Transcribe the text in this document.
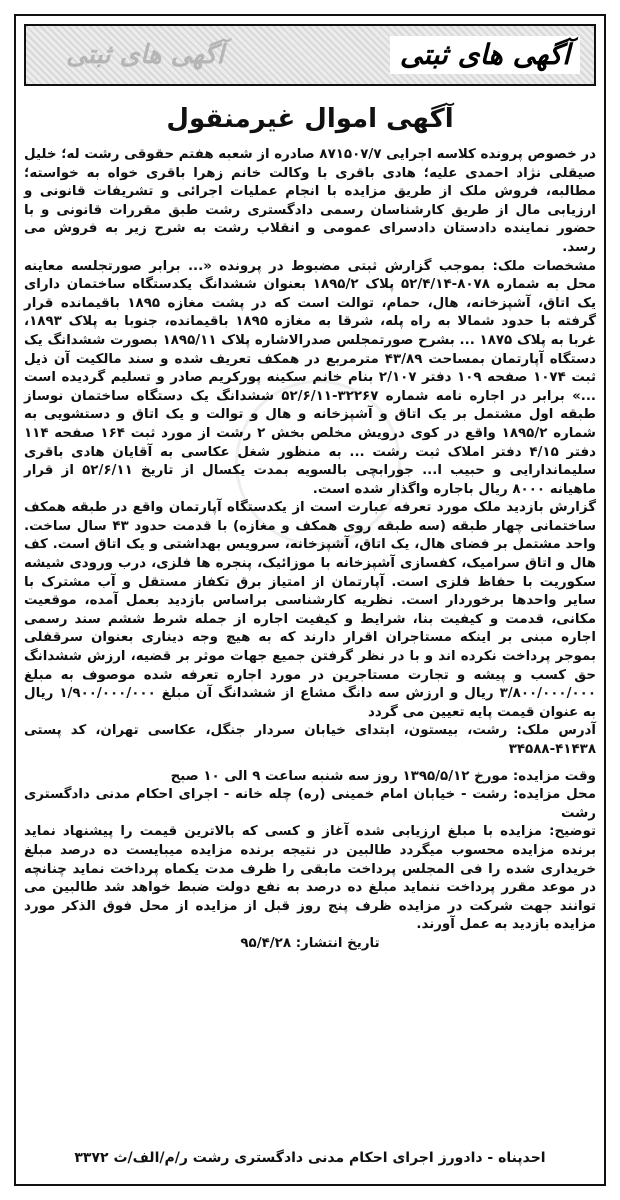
آگهی های ثبتی
آگهی های ثبتی
آگهی اموال غیرمنقول

در خصوص پرونده کلاسه اجرایی ۸۷۱۵۰۷/۷ صادره از شعبه هفتم حقوقی رشت له؛ خلیل صیقلی نژاد احمدی علیه؛ هادی باقری با وکالت خانم زهرا باقری خواه به خواسته؛ مطالبه، فروش ملک از طریق مزایده با انجام عملیات اجرائی و تشریفات قانونی و ارزیابی مال از طریق کارشناسان رسمی دادگستری رشت طبق مقررات قانونی و با حضور نماینده دادستان دادسرای عمومی و انقلاب رشت به شرح زیر به فروش می رسد.

مشخصات ملک: بموجب گزارش ثبتی مضبوط در پرونده «... برابر صورتجلسه معاینه محل به شماره ۸۰۷۸-۵۲/۴/۱۴ پلاک ۱۸۹۵/۲ بعنوان ششدانگ یکدستگاه ساختمان دارای یک اتاق، آشپزخانه، هال، حمام، توالت است که در پشت مغازه ۱۸۹۵ باقیمانده قرار گرفته با حدود شمالا به راه پله، شرقا به مغازه ۱۸۹۵ باقیمانده، جنوبا به پلاک ۱۸۹۳، غربا به پلاک ۱۸۷۵ ... بشرح صورتمجلس صدرالاشاره پلاک ۱۸۹۵/۱۱ بصورت ششدانگ یک دستگاه آپارتمان بمساحت ۴۳/۸۹ مترمربع در همکف تعریف شده و سند مالکیت آن ذیل ثبت ۱۰۷۴ صفحه ۱۰۹ دفتر ۲/۱۰۷ بنام خانم سکینه پورکریم صادر و تسلیم گردیده است ...» برابر در اجاره نامه شماره ۳۲۲۶۷-۵۲/۶/۱۱ ششدانگ یک دستگاه ساختمان نوساز طبقه اول مشتمل بر یک اتاق و آشپزخانه و هال و توالت و یک اتاق و دستشویی به شماره ۱۸۹۵/۲ واقع در کوی درویش مخلص بخش ۲ رشت از مورد ثبت ۱۶۴ صفحه ۱۱۴ دفتر ۴/۱۵ دفتر املاک ثبت رشت ... به منظور شغل عکاسی به آقایان هادی باقری سلیماندارایی و حبیب ا... جورابچی بالسویه بمدت یکسال از تاریخ ۵۲/۶/۱۱ از قرار ماهیانه ۸۰۰۰ ریال باجاره واگذار شده است.

گزارش بازدید ملک مورد تعرفه عبارت است از یکدستگاه آپارتمان واقع در طبقه همکف ساختمانی چهار طبقه (سه طبقه روی همکف و مغازه) با قدمت حدود ۴۳ سال ساخت. واحد مشتمل بر فضای هال، یک اتاق، آشپزخانه، سرویس بهداشتی و یک اتاق است. کف هال و اتاق سرامیک، کفسازی آشپزخانه با موزائیک، پنجره ها فلزی، درب ورودی شیشه سکوریت با حفاظ فلزی است. آپارتمان از امتیاز برق تکفاز مستقل و آب مشترک با سایر واحدها برخوردار است. نظریه کارشناسی براساس بازدید بعمل آمده، موقعیت مکانی، قدمت و کیفیت بنا، شرایط و کیفیت اجاره از جمله شرط ششم سند رسمی اجاره مبنی بر اینکه مستاجران اقرار دارند که به هیچ وجه دیناری بعنوان سرقفلی بموجر پرداخت نکرده اند و با در نظر گرفتن جمیع جهات موثر بر قضیه، ارزش ششدانگ حق کسب و پیشه و تجارت مستاجرین در مورد اجاره تعرفه شده موصوف به مبلغ ۳/۸۰۰/۰۰۰/۰۰۰ ریال و ارزش سه دانگ مشاع از ششدانگ آن مبلغ ۱/۹۰۰/۰۰۰/۰۰۰ ریال به عنوان قیمت پایه تعیین می گردد

آدرس ملک: رشت، بیستون، ابتدای خیابان سردار جنگل، عکاسی تهران، کد پستی ۴۱۴۳۸-۳۴۵۸۸

وقت مزایده: مورخ ۱۳۹۵/۵/۱۲ روز سه شنبه ساعت ۹ الی ۱۰ صبح

محل مزایده: رشت - خیابان امام خمینی (ره) چله خانه - اجرای احکام مدنی دادگستری رشت

توضیح: مزایده با مبلغ ارزیابی شده آغاز و کسی که بالاترین قیمت را پیشنهاد نماید برنده مزایده محسوب میگردد طالبین در نتیجه برنده مزایده میبایست ده درصد مبلغ خریداری شده را فی المجلس پرداخت مابقی را ظرف مدت یکماه پرداخت نماید چنانچه در موعد مقرر پرداخت ننماید مبلغ ده درصد به نفع دولت ضبط خواهد شد طالبین می توانند جهت شرکت در مزایده ظرف پنج روز قبل از مزایده از محل فوق الذکر مورد مزایده بازدید به عمل آورند.

تاریخ انتشار: ۹۵/۴/۲۸

احدپناه - دادورز اجرای احکام مدنی دادگستری رشت ر/م/الف/ث ۳۳۷۲
